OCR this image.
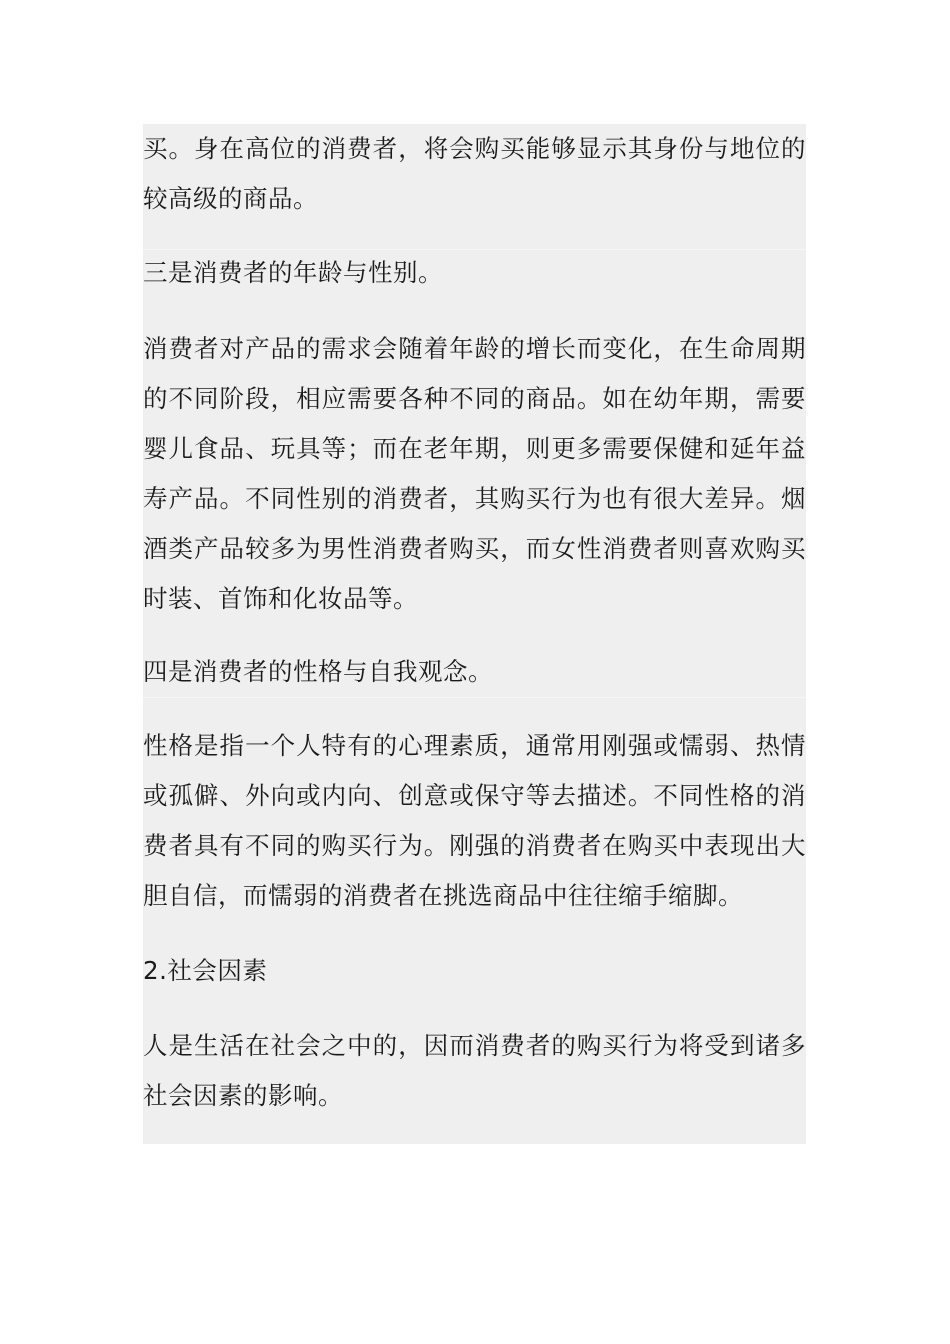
买。身在高位的消费者，将会购买能够显示其身份与地位的较高级的商品。

三是消费者的年龄与性别。

消费者对产品的需求会随着年龄的增长而变化，在生命周期的不同阶段，相应需要各种不同的商品。如在幼年期，需要婴儿食品、玩具等；而在老年期，则更多需要保健和延年益寿产品。不同性别的消费者，其购买行为也有很大差异。烟酒类产品较多为男性消费者购买，而女性消费者则喜欢购买时装、首饰和化妆品等。

四是消费者的性格与自我观念。

性格是指一个人特有的心理素质，通常用刚强或懦弱、热情或孤僻、外向或内向、创意或保守等去描述。不同性格的消费者具有不同的购买行为。刚强的消费者在购买中表现出大胆自信，而懦弱的消费者在挑选商品中往往缩手缩脚。

2.社会因素

人是生活在社会之中的，因而消费者的购买行为将受到诸多社会因素的影响。
